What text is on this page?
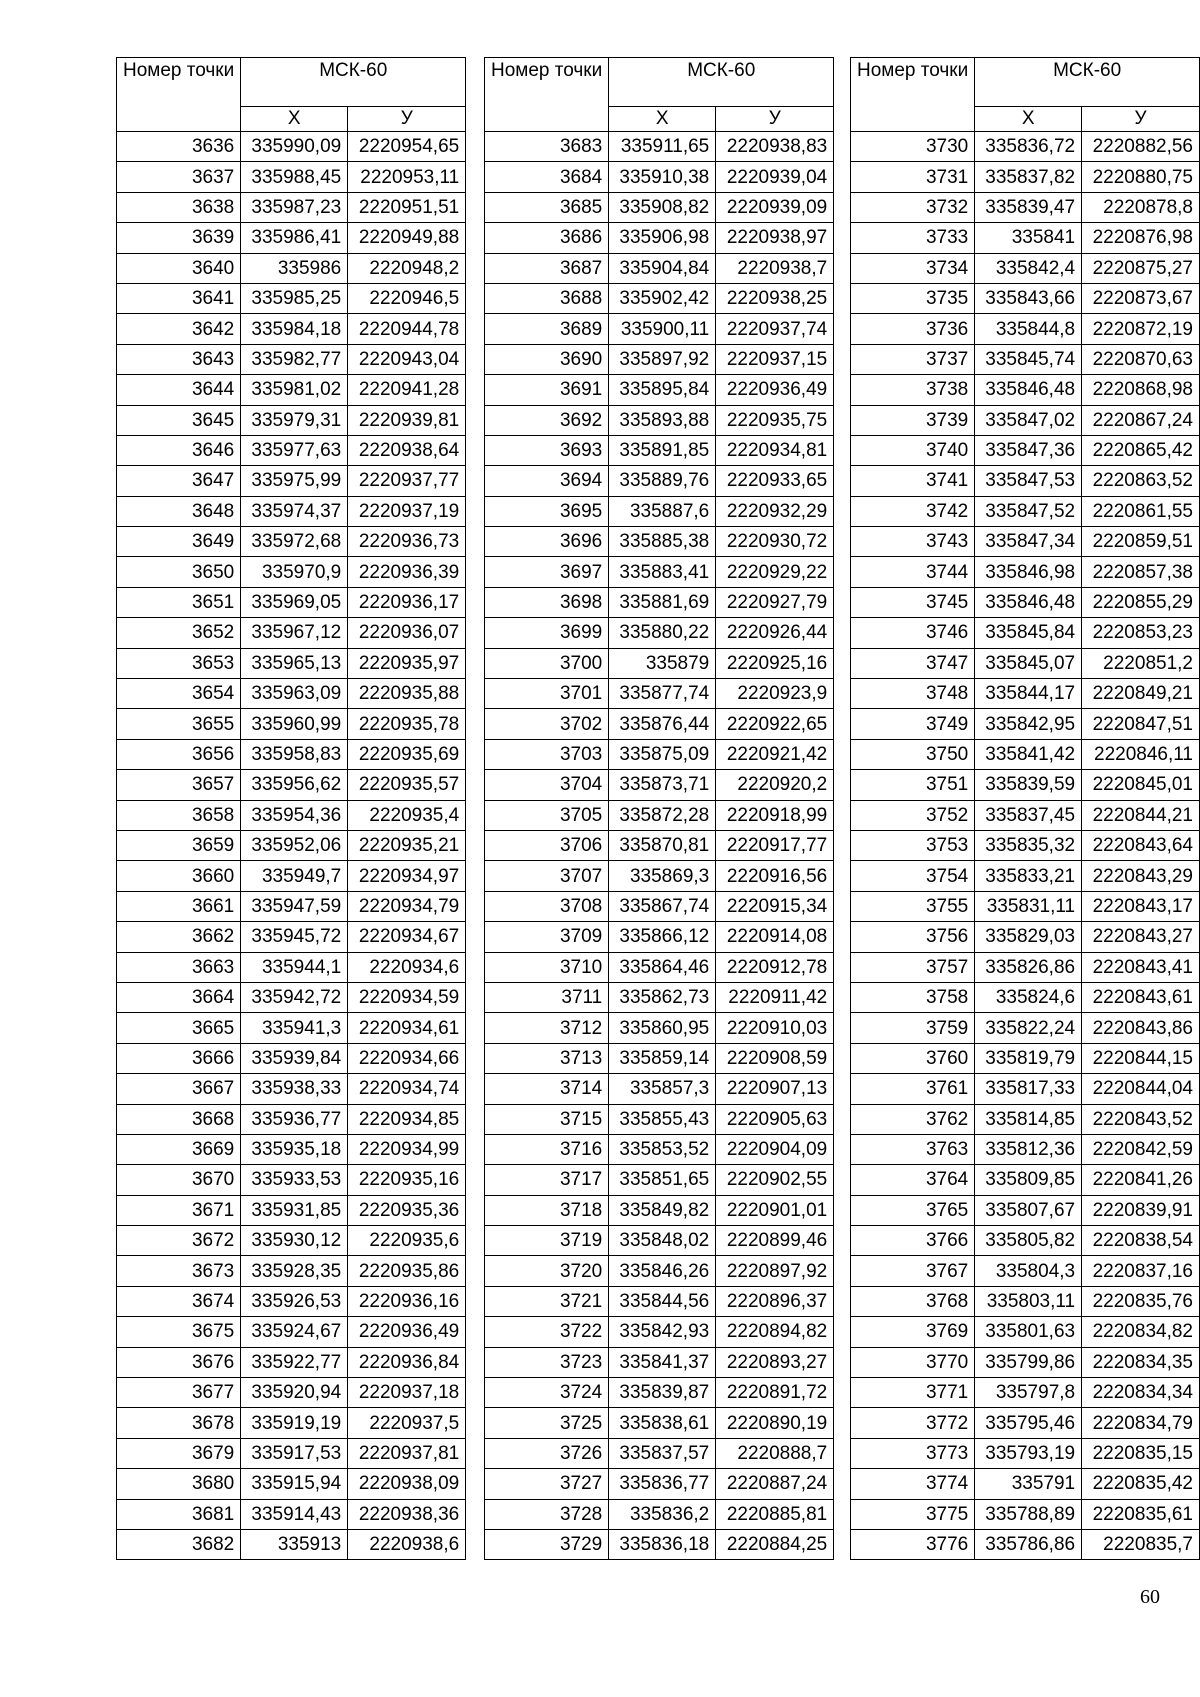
Номер точки	МСК-60	
	X	У
3636	335990,09	2220954,65
3637	335988,45	2220953,11
3638	335987,23	2220951,51
3639	335986,41	2220949,88
3640	335986	2220948,2
3641	335985,25	2220946,5
3642	335984,18	2220944,78
3643	335982,77	2220943,04
3644	335981,02	2220941,28
3645	335979,31	2220939,81
3646	335977,63	2220938,64
3647	335975,99	2220937,77
3648	335974,37	2220937,19
3649	335972,68	2220936,73
3650	335970,9	2220936,39
3651	335969,05	2220936,17
3652	335967,12	2220936,07
3653	335965,13	2220935,97
3654	335963,09	2220935,88
3655	335960,99	2220935,78
3656	335958,83	2220935,69
3657	335956,62	2220935,57
3658	335954,36	2220935,4
3659	335952,06	2220935,21
3660	335949,7	2220934,97
3661	335947,59	2220934,79
3662	335945,72	2220934,67
3663	335944,1	2220934,6
3664	335942,72	2220934,59
3665	335941,3	2220934,61
3666	335939,84	2220934,66
3667	335938,33	2220934,74
3668	335936,77	2220934,85
3669	335935,18	2220934,99
3670	335933,53	2220935,16
3671	335931,85	2220935,36
3672	335930,12	2220935,6
3673	335928,35	2220935,86
3674	335926,53	2220936,16
3675	335924,67	2220936,49
3676	335922,77	2220936,84
3677	335920,94	2220937,18
3678	335919,19	2220937,5
3679	335917,53	2220937,81
3680	335915,94	2220938,09
3681	335914,43	2220938,36
3682	335913	2220938,6
Номер точки	МСК-60	
	X	У
3683	335911,65	2220938,83
3684	335910,38	2220939,04
3685	335908,82	2220939,09
3686	335906,98	2220938,97
3687	335904,84	2220938,7
3688	335902,42	2220938,25
3689	335900,11	2220937,74
3690	335897,92	2220937,15
3691	335895,84	2220936,49
3692	335893,88	2220935,75
3693	335891,85	2220934,81
3694	335889,76	2220933,65
3695	335887,6	2220932,29
3696	335885,38	2220930,72
3697	335883,41	2220929,22
3698	335881,69	2220927,79
3699	335880,22	2220926,44
3700	335879	2220925,16
3701	335877,74	2220923,9
3702	335876,44	2220922,65
3703	335875,09	2220921,42
3704	335873,71	2220920,2
3705	335872,28	2220918,99
3706	335870,81	2220917,77
3707	335869,3	2220916,56
3708	335867,74	2220915,34
3709	335866,12	2220914,08
3710	335864,46	2220912,78
3711	335862,73	2220911,42
3712	335860,95	2220910,03
3713	335859,14	2220908,59
3714	335857,3	2220907,13
3715	335855,43	2220905,63
3716	335853,52	2220904,09
3717	335851,65	2220902,55
3718	335849,82	2220901,01
3719	335848,02	2220899,46
3720	335846,26	2220897,92
3721	335844,56	2220896,37
3722	335842,93	2220894,82
3723	335841,37	2220893,27
3724	335839,87	2220891,72
3725	335838,61	2220890,19
3726	335837,57	2220888,7
3727	335836,77	2220887,24
3728	335836,2	2220885,81
3729	335836,18	2220884,25
Номер точки	МСК-60	
	X	У
3730	335836,72	2220882,56
3731	335837,82	2220880,75
3732	335839,47	2220878,8
3733	335841	2220876,98
3734	335842,4	2220875,27
3735	335843,66	2220873,67
3736	335844,8	2220872,19
3737	335845,74	2220870,63
3738	335846,48	2220868,98
3739	335847,02	2220867,24
3740	335847,36	2220865,42
3741	335847,53	2220863,52
3742	335847,52	2220861,55
3743	335847,34	2220859,51
3744	335846,98	2220857,38
3745	335846,48	2220855,29
3746	335845,84	2220853,23
3747	335845,07	2220851,2
3748	335844,17	2220849,21
3749	335842,95	2220847,51
3750	335841,42	2220846,11
3751	335839,59	2220845,01
3752	335837,45	2220844,21
3753	335835,32	2220843,64
3754	335833,21	2220843,29
3755	335831,11	2220843,17
3756	335829,03	2220843,27
3757	335826,86	2220843,41
3758	335824,6	2220843,61
3759	335822,24	2220843,86
3760	335819,79	2220844,15
3761	335817,33	2220844,04
3762	335814,85	2220843,52
3763	335812,36	2220842,59
3764	335809,85	2220841,26
3765	335807,67	2220839,91
3766	335805,82	2220838,54
3767	335804,3	2220837,16
3768	335803,11	2220835,76
3769	335801,63	2220834,82
3770	335799,86	2220834,35
3771	335797,8	2220834,34
3772	335795,46	2220834,79
3773	335793,19	2220835,15
3774	335791	2220835,42
3775	335788,89	2220835,61
3776	335786,86	2220835,7
60
